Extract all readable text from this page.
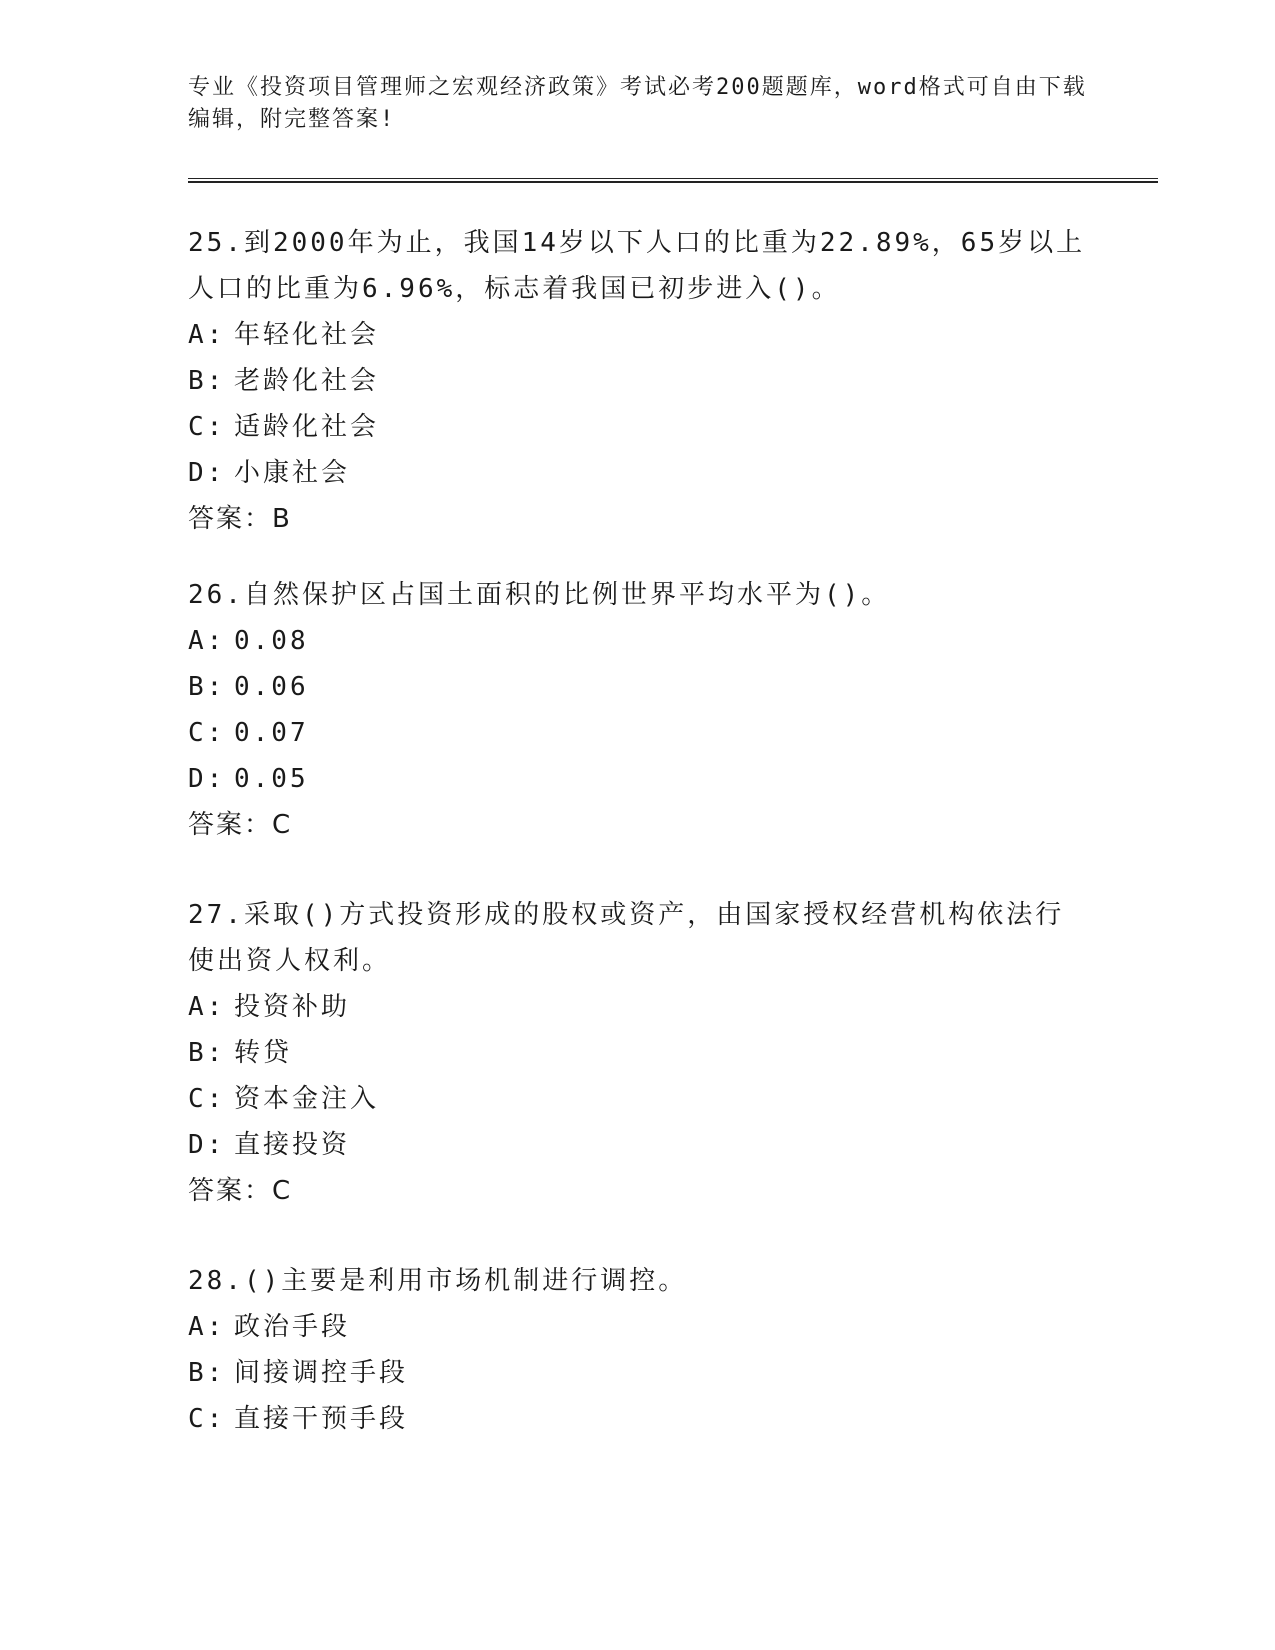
专业《投资项目管理师之宏观经济政策》考试必考200题题库，word格式可自由下载编辑，附完整答案!

25.到2000年为止，我国14岁以下人口的比重为22.89%，65岁以上人口的比重为6.96%，标志着我国已初步进入()。

A: 年轻化社会

B: 老龄化社会

C: 适龄化社会

D: 小康社会

答案：B

26.自然保护区占国土面积的比例世界平均水平为()。

A: 0.08

B: 0.06

C: 0.07

D: 0.05

答案：C

27.采取()方式投资形成的股权或资产，由国家授权经营机构依法行使出资人权利。

A: 投资补助

B: 转贷

C: 资本金注入

D: 直接投资

答案：C

28.()主要是利用市场机制进行调控。

A: 政治手段

B: 间接调控手段

C: 直接干预手段
